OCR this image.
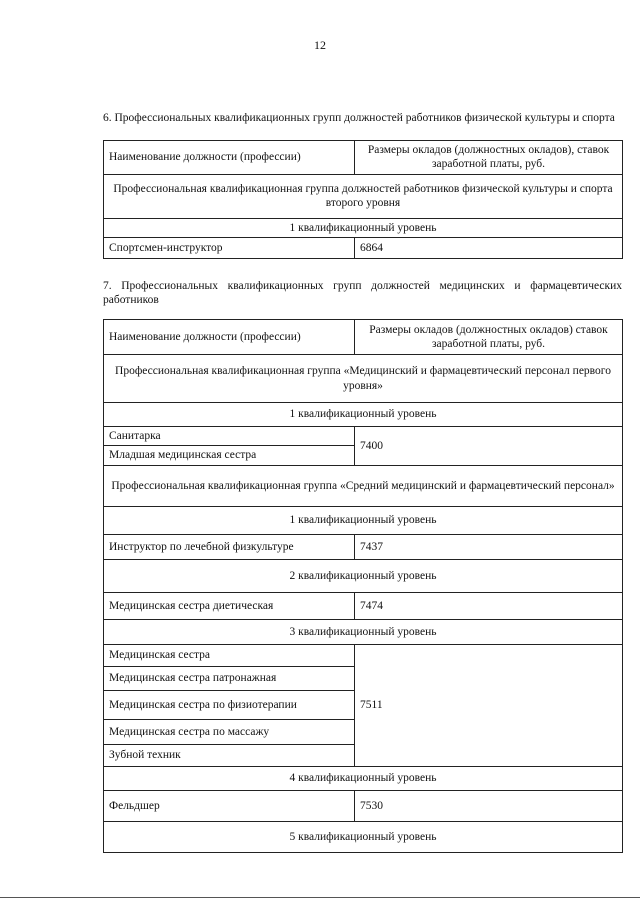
12
6. Профессиональных квалификационных групп должностей работников физической культуры и спорта
Наименование должности (профессии)	Размеры окладов (должностных окладов), ставок заработной платы, руб.
Профессиональная квалификационная группа должностей работников физической культуры и спорта второго уровня	
1 квалификационный уровень	
Спортсмен-инструктор	6864
7. Профессиональных квалификационных групп должностей медицинских и фармацевтических работников
Наименование должности (профессии)	Размеры окладов (должностных окладов) ставок заработной платы, руб.
Профессиональная квалификационная группа «Медицинский и фармацевтический персонал первого уровня»	
1 квалификационный уровень	
Санитарка	7400
Младшая медицинская сестра	
Профессиональная квалификационная группа «Средний медицинский и фармацевтический персонал»	
1 квалификационный уровень	
Инструктор по лечебной физкультуре	7437
2 квалификационный уровень	
Медицинская сестра диетическая	7474
3 квалификационный уровень	
Медицинская сестра	7511
Медицинская сестра патронажная	
Медицинская сестра по физиотерапии	
Медицинская сестра по массажу	
Зубной техник	
4 квалификационный уровень	
Фельдшер	7530
5 квалификационный уровень	
